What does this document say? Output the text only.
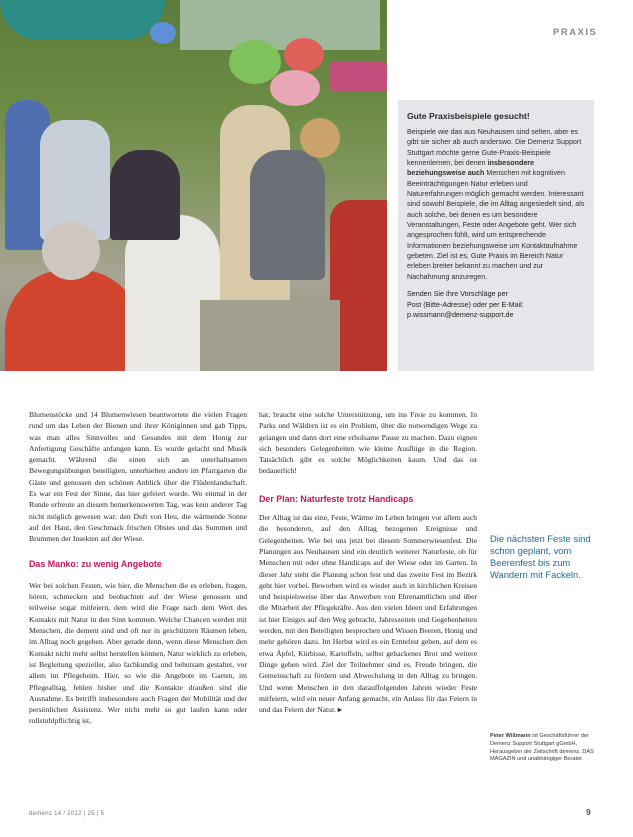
PRAXIS
Gute Praxisbeispiele gesucht!

Beispiele wie das aus Neuhausen sind selten, aber es gibt sie sicher ab auch anderswo. Die Demenz Support Stuttgart möchte gerne Gute-Praxis-Beispiele kennenlernen, bei denen insbesondere beziehungsweise auch Menschen mit kognitiven Beeinträchtigungen Natur erleben und Naturerfahrungen möglich gemacht werden. Interessant sind sowohl Beispiele, die im Alltag angesiedelt sind, als auch solche, bei denen es um besondere Veranstaltungen, Feste oder Angebote geht. Wer sich angesprochen fühlt, wird um entsprechende Informationen beziehungsweise um Kontaktaufnahme gebeten. Ziel ist es, Gute Praxis im Bereich Natur erleben breiter bekannt zu machen und zur Nachahmung anzuregen.

Senden Sie Ihre Vorschläge per
Post (Bitte-Adresse) oder per E-Mail:
p.wissmann@demenz-support.de

Blumenstöcke und 14 Blumenwiesen beantwortete die vielen Fragen rund um das Leben der Bienen und ihrer Königinnen und gab Tipps, was man alles Sinnvolles und Gesundes mit dem Honig zur Anfertigung Geschäfte anfangen kann. Es wurde gelacht und Musik gemacht. Während die einen sich an unterhaltsamen Bewegungsübungen beteiligten, unterhielten andere im Pfarrgarten die Gäste und genossen den schönen Anblick über die Flüdenlandschaft. Es war ein Fest der Sinne, das hier gefeiert wurde. Wo einmal in der Runde erfreute an diesem bemerkenswerten Tag, was kein anderer Tag nicht möglich gewesen war: den Duft von Heu, die wärmende Sonne auf der Haut, den Geschmack frischen Obstes und das Summen und Brummen der Insekten auf der Wiese.

Das Manko: zu wenig Angebote

Wer bei solchen Festen, wie hier, die Menschen die es erleben, fragen, hören, schmecken und beobachten auf der Wiese genossen und teilweise sogar mitfeiern, dem wird die Frage nach dem Wert des Kontakts mit Natur in den Sinn kommen. Welche Chancen werden mit Menschen, die dement sind und oft nur in geschützten Räumen leben, im Alltag noch gegeben. Aber gerade denn, wenn diese Menschen den Kontakt nicht mehr selbst herstellen können, Natur wirklich zu erleben, ist Begleitung spezieller, also fachkundig und behutsam gestaltet, vor allem im Pflegeheim. Hier, so wie die Angebote im Garten, im Pflegealltag, fehlen bisher und die Kontakte draußen sind die Ausnahme. Es betrifft insbesondere auch Fragen der Mobilität und der persönlichen Assistenz. Wer nicht mehr so gut laufen kann oder rollstuhlpflichtig ist,

hat, braucht eine solche Unterstützung, um ins Freie zu kommen. In Parks und Wäldern ist es ein Problem, über die notwendigen Wege zu gelangen und dann dort eine erholsame Pause zu machen. Dazu eignen sich besonders Gelegenheiten wie kleine Ausflüge in die Region. Tatsächlich gibt es solche Möglichkeiten kaum. Und das ist bedauerlich!

Der Plan: Naturfeste trotz Handicaps

Der Alltag ist das eine, Feste, Wärme im Leben bringen vor allem auch die besonderen, auf den Alltag bezogenen Ereignisse und Gelegenheiten. Wie bei uns jetzt bei diesem Sommerwiesenfest. Die Planungen aus Neuhausen sind ein deutlich weiterer Naturfeste, ob für Menschen mit oder ohne Handicaps auf der Wiese oder im Garten. In dieser Jahr steht die Planung schon fest und das zweite Fest im Bezirk geht hier vorbei. Beworben wird es wieder auch in kirchlichen Kreisen und beispielsweise über das Anwerben von Ehrenamtlichen und über die Mitarbeit der Pflegekräfte. Aus den vielen Ideen und Erfahrungen ist hier Einiges auf den Weg gebracht, Jahreszeiten und Gegebenheiten werden, mit den Beteiligten besprochen und Wissen Beeren, Honig und mehr gehören dazu. Im Herbst wird es ein Erntefest geben, auf dem es etwa Äpfel, Kürbisse, Kartoffeln, selbst gebackenes Brot und weitere Dinge geben wird. Ziel der Teilnehmer sind es, Freude bringen, die Gemeinschaft zu fördern und Abwechslung in den Alltag zu bringen. Und wenn Menschen in den darauffolgenden Jahren wieder Feste mitfeiern, wird ein neuer Anfang gemacht, ein Anlass für das Feiern in und das Feiern der Natur. ▸

Die nächsten Feste sind schon geplant, vom Beerenfest bis zum Wandern mit Fackeln.
Peter Wißmann ist Geschäftsführer der Demenz Support Stuttgart gGmbH, Herausgeber der Zeitschrift demenz. DAS MAGAZIN und unabhängiger Berater.
demenz 14 / 2012 | 25 | 5	9
